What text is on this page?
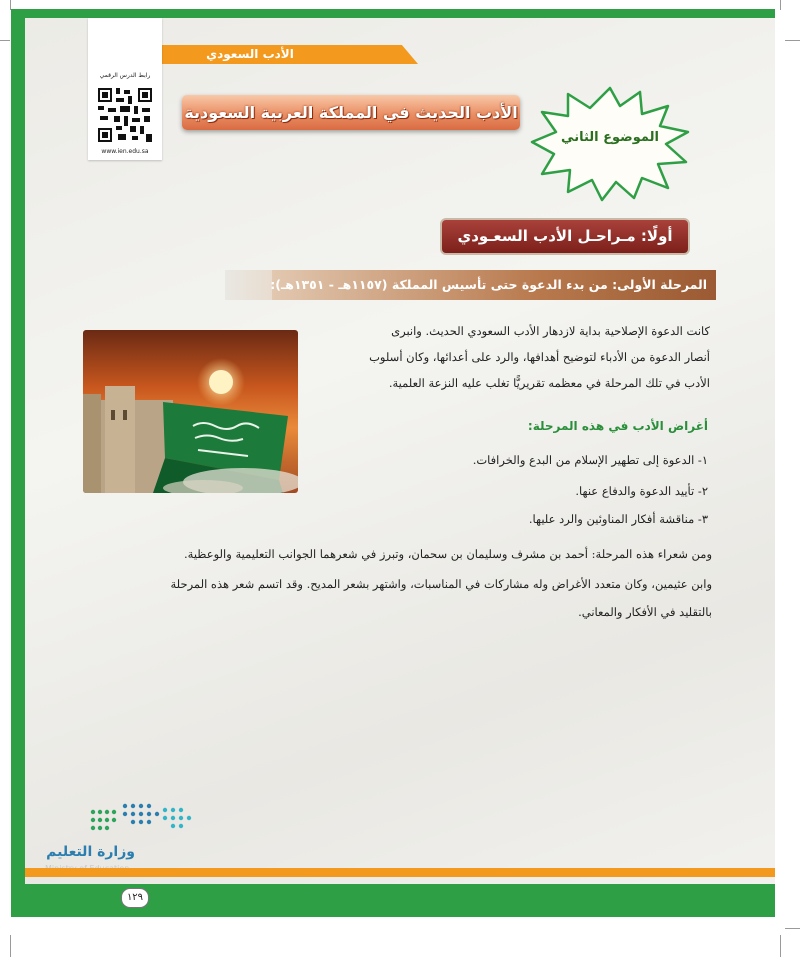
الأدب السعودي
رابط الدرس الرقمي
www.ien.edu.sa
الأدب الحديث في المملكة العربية السعودية
الموضوع الثاني
أولًا: مـراحـل الأدب السعـودي
المرحلة الأولى: من بدء الدعوة حتى تأسيس المملكة (١١٥٧هـ - ١٣٥١هـ):
كانت الدعوة الإصلاحية بداية لازدهار الأدب السعودي الحديث. وانبرى
أنصار الدعوة من الأدباء لتوضيح أهدافها، والرد على أعدائها، وكان أسلوب
الأدب في تلك المرحلة في معظمه تقريريًّا تغلب عليه النزعة العلمية.
أغراض الأدب في هذه المرحلة:
١- الدعوة إلى تطهير الإسلام من البدع والخرافات.
٢- تأييد الدعوة والدفاع عنها.
٣- مناقشة أفكار المناوئين والرد عليها.
ومن شعراء هذه المرحلة: أحمد بن مشرف وسليمان بن سحمان، وتبرز في شعرهما الجوانب التعليمية والوعظية.
وابن عثيمين، وكان متعدد الأغراض وله مشاركات في المناسبات، واشتهر بشعر المديح. وقد اتسم شعر هذه المرحلة
بالتقليد في الأفكار والمعاني.
وزارة التعليم
١٢٩
